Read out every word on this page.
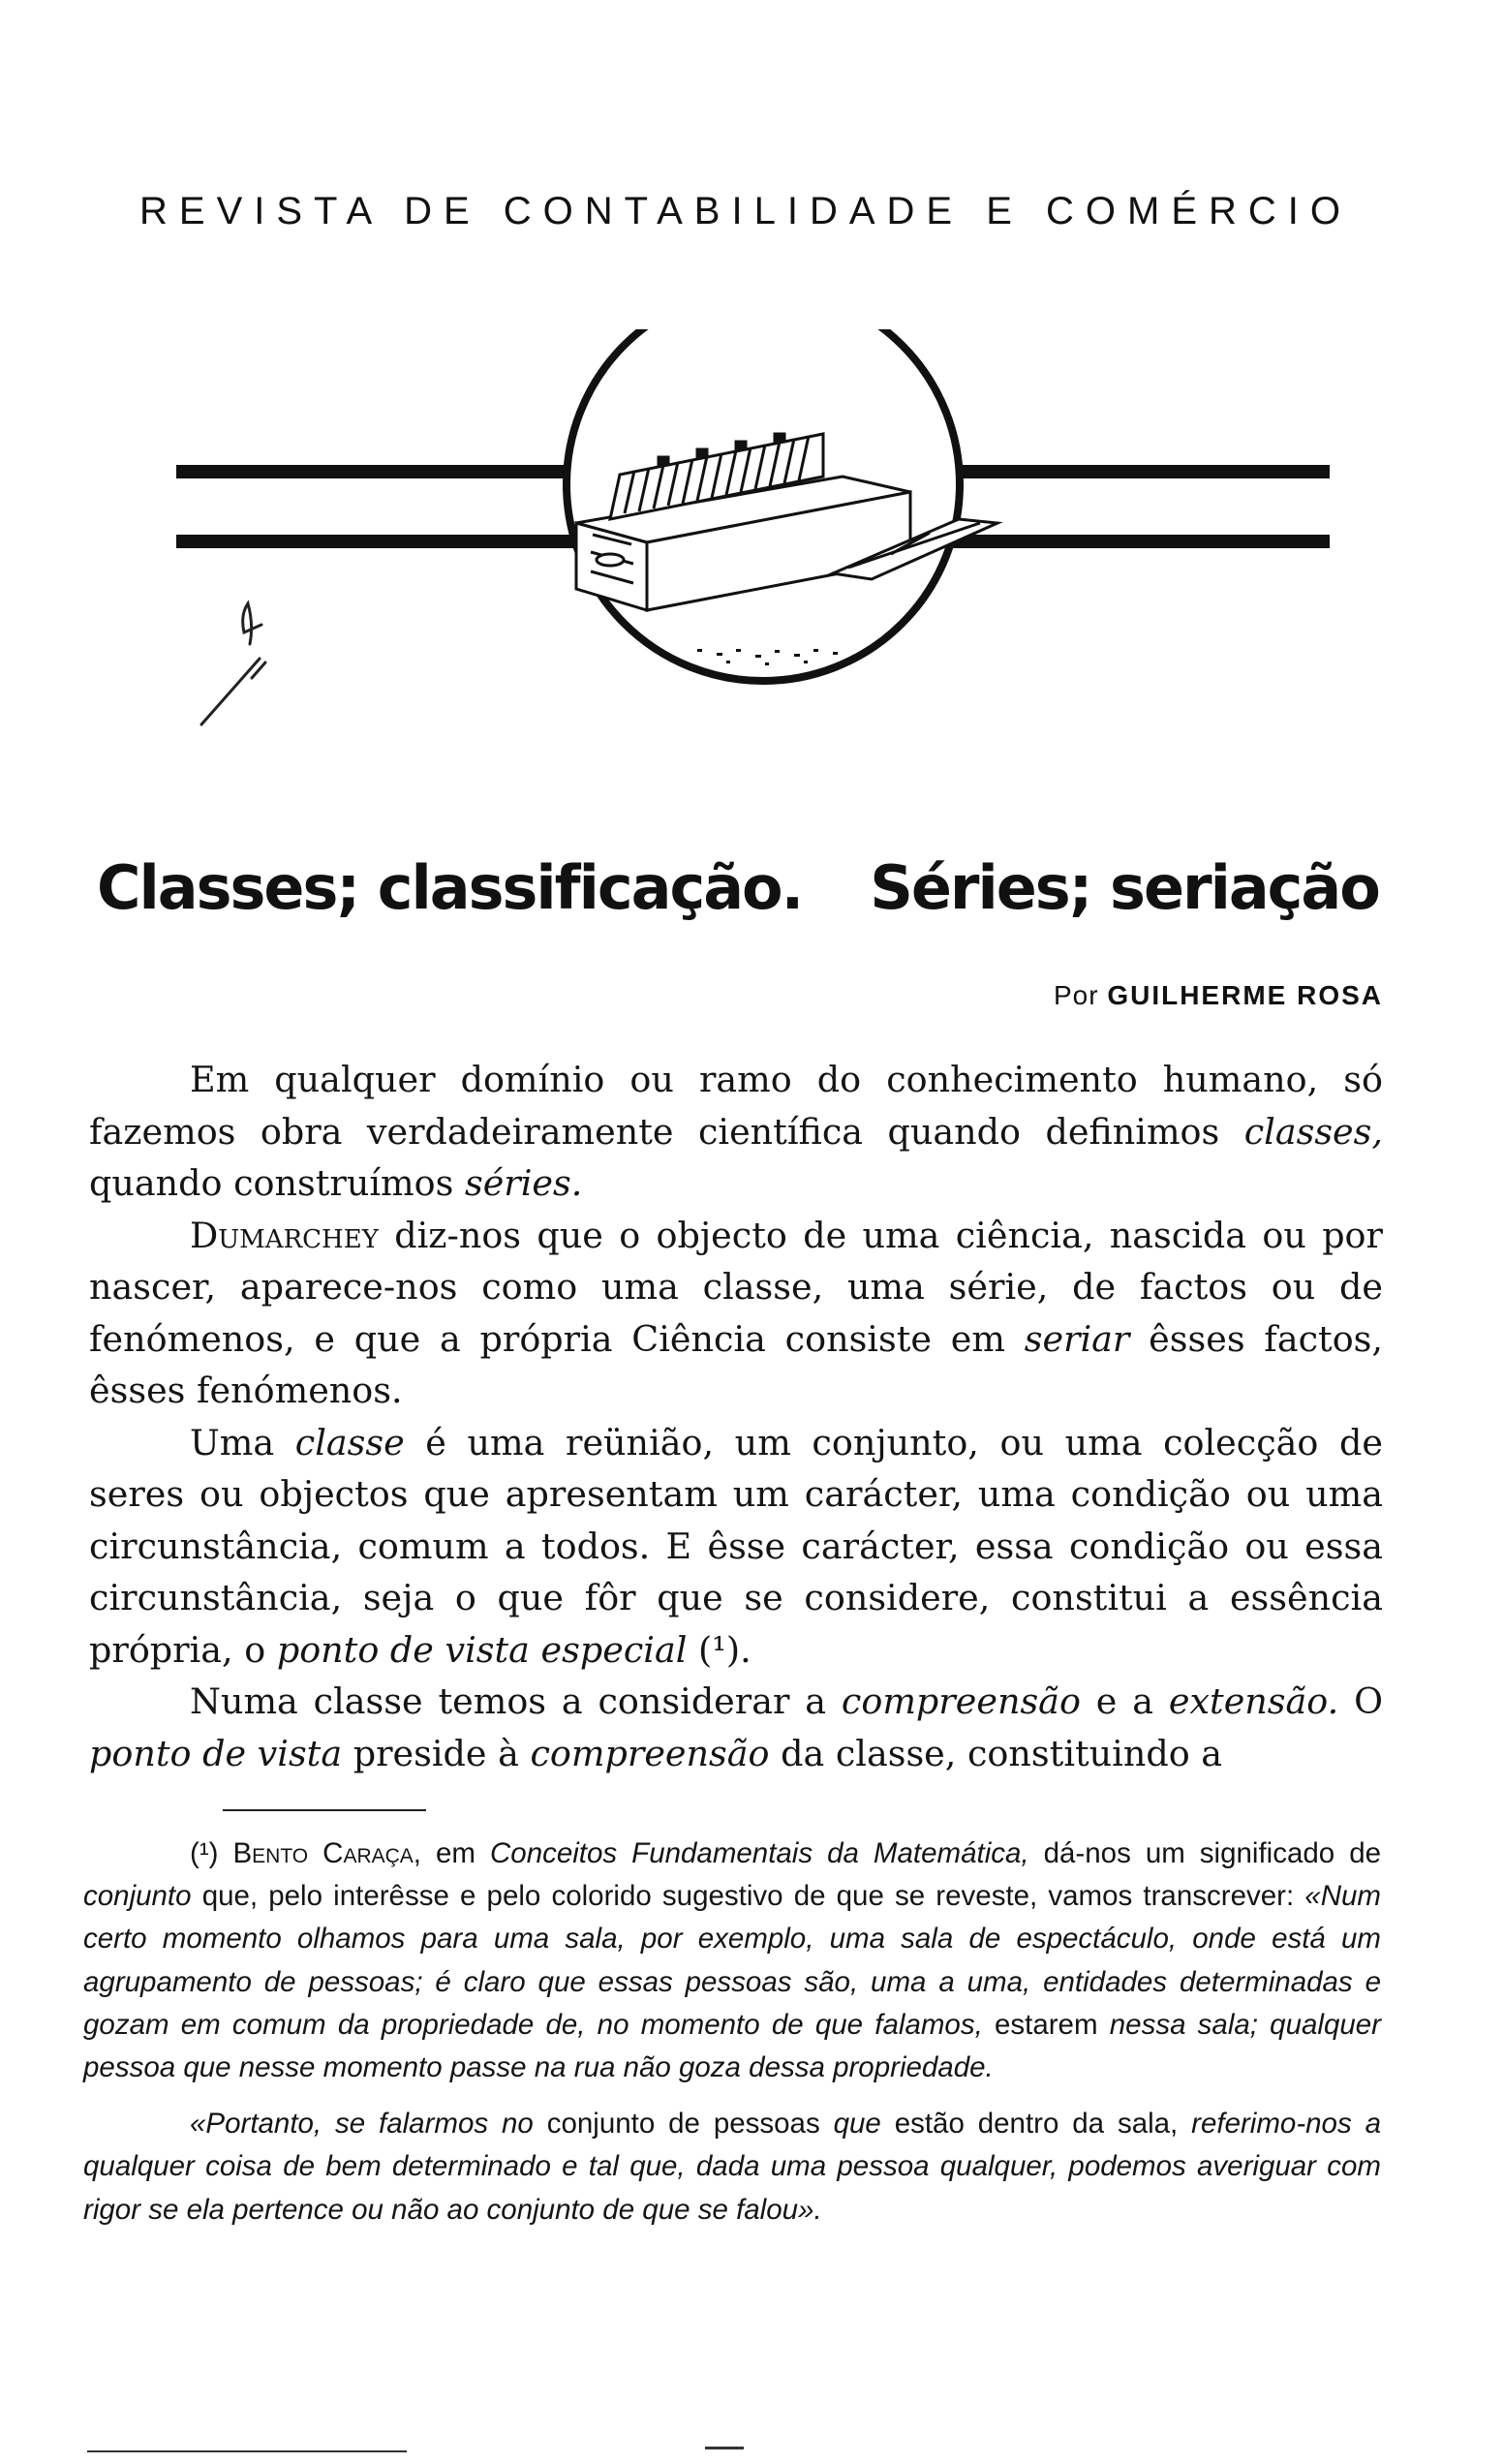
REVISTA DE CONTABILIDADE E COMÉRCIO
Classes; classificação. Séries; seriação
Por GUILHERME ROSA

Em qualquer domínio ou ramo do conhecimento humano, só fazemos obra verdadeiramente científica quando definimos classes, quando construímos séries.

Dumarchey diz-nos que o objecto de uma ciência, nascida ou por nascer, aparece-nos como uma classe, uma série, de factos ou de fenómenos, e que a própria Ciência consiste em seriar êsses factos, êsses fenómenos.

Uma classe é uma reünião, um conjunto, ou uma colecção de seres ou objectos que apresentam um carácter, uma condição ou uma circunstância, comum a todos. E êsse carácter, essa condição ou essa circunstância, seja o que fôr que se considere, constitui a essência própria, o ponto de vista especial (¹).

Numa classe temos a considerar a compreensão e a extensão. O ponto de vista preside à compreensão da classe, constituindo a

(¹) Bento Caraça, em Conceitos Fundamentais da Matemática, dá-nos um significado de conjunto que, pelo interêsse e pelo colorido sugestivo de que se reveste, vamos transcrever: «Num certo momento olhamos para uma sala, por exemplo, uma sala de espectáculo, onde está um agrupamento de pessoas; é claro que essas pessoas são, uma a uma, entidades determinadas e gozam em comum da propriedade de, no momento de que falamos, estarem nessa sala; qualquer pessoa que nesse momento passe na rua não goza dessa propriedade.

«Portanto, se falarmos no conjunto de pessoas que estão dentro da sala, referimo-nos a qualquer coisa de bem determinado e tal que, dada uma pessoa qualquer, podemos averiguar com rigor se ela pertence ou não ao conjunto de que se falou».
